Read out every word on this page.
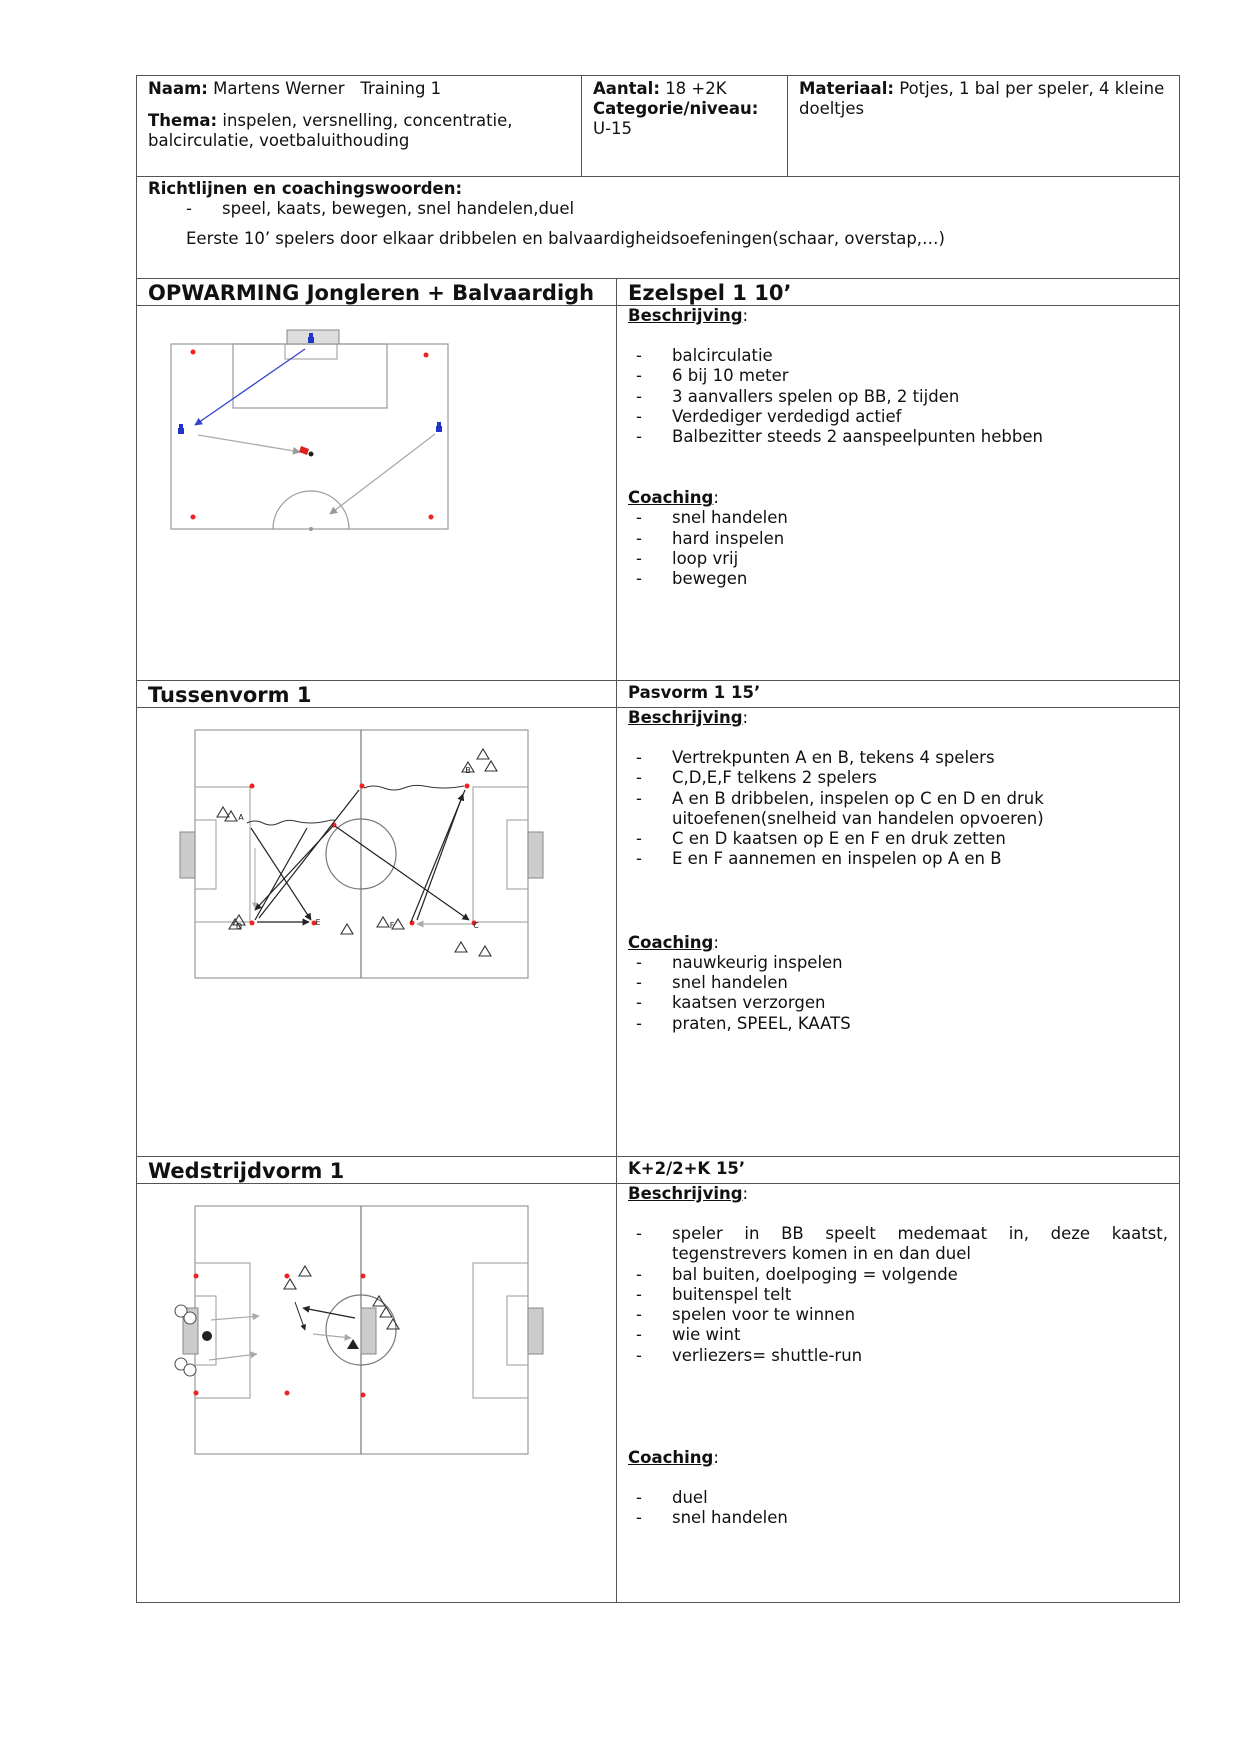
Naam: Martens Werner Training 1
Thema: inspelen, versnelling, concentratie, balcirculatie, voetbaluithouding
Aantal: 18 +2K
Categorie/niveau:
U-15
Materiaal: Potjes, 1 bal per speler, 4 kleine doeltjes
Richtlijnen en coachingswoorden:
- speel, kaats, bewegen, snel handelen,duel
Eerste 10’ spelers door elkaar dribbelen en balvaardigheidsoefeningen(schaar, overstap,…)
OPWARMING Jongleren + Balvaardigh	Ezelspel 1 10’
Beschrijving:
- balcirculatie
- 6 bij 10 meter
- 3 aanvallers spelen op BB, 2 tijden
- Verdediger verdedigd actief
- Balbezitter steeds 2 aanspeelpunten hebben
Coaching:
- snel handelen
- hard inspelen
- loop vrij
- bewegen
Tussenvorm 1	Pasvorm 1 15’
A
B
C
D	E	F
Beschrijving:
- Vertrekpunten A en B, tekens 4 spelers
- C,D,E,F telkens 2 spelers
- A en B dribbelen, inspelen op C en D en druk uitoefenen(snelheid van handelen opvoeren)
- C en D kaatsen op E en F en druk zetten
- E en F aannemen en inspelen op A en B
Coaching:
- nauwkeurig inspelen
- snel handelen
- kaatsen verzorgen
- praten, SPEEL, KAATS
Wedstrijdvorm 1	K+2/2+K 15’
Beschrijving:
- speler in BB speelt medemaat in, deze kaatst, tegenstrevers komen in en dan duel
- bal buiten, doelpoging = volgende
- buitenspel telt
- spelen voor te winnen
- wie wint
- verliezers= shuttle-run
Coaching:
- duel
- snel handelen
